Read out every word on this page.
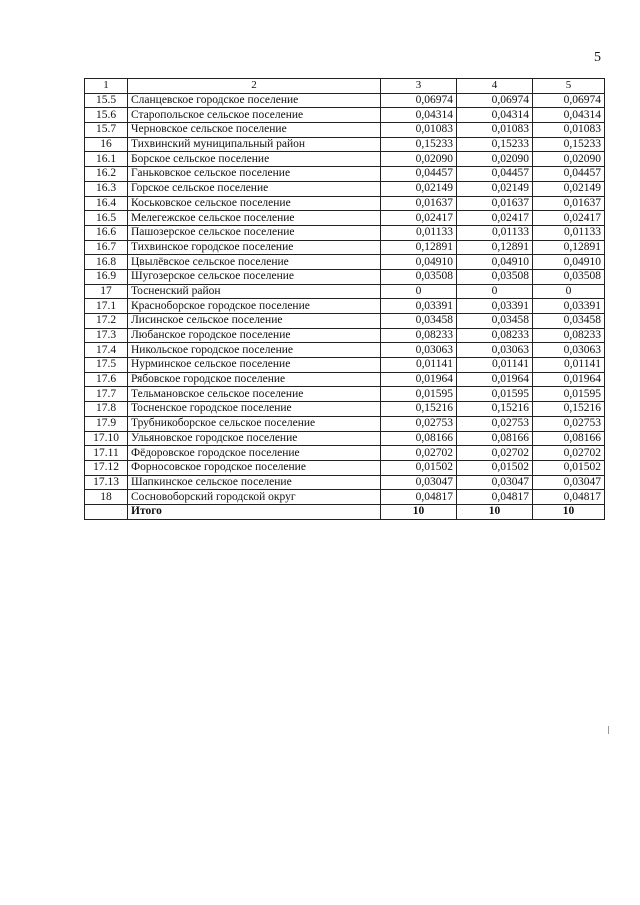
5
1	2	3	4	5
15.5	Сланцевское городское поселение	0,06974	0,06974	0,06974
15.6	Старопольское сельское поселение	0,04314	0,04314	0,04314
15.7	Черновское сельское поселение	0,01083	0,01083	0,01083
16	Тихвинский муниципальный район	0,15233	0,15233	0,15233
16.1	Борское сельское поселение	0,02090	0,02090	0,02090
16.2	Ганьковское сельское поселение	0,04457	0,04457	0,04457
16.3	Горское сельское поселение	0,02149	0,02149	0,02149
16.4	Коськовское сельское поселение	0,01637	0,01637	0,01637
16.5	Мелегежское сельское поселение	0,02417	0,02417	0,02417
16.6	Пашозерское сельское поселение	0,01133	0,01133	0,01133
16.7	Тихвинское городское поселение	0,12891	0,12891	0,12891
16.8	Цвылёвское сельское поселение	0,04910	0,04910	0,04910
16.9	Шугозерское сельское поселение	0,03508	0,03508	0,03508
17	Тосненский район	0	0	0
17.1	Красноборское городское поселение	0,03391	0,03391	0,03391
17.2	Лисинское сельское поселение	0,03458	0,03458	0,03458
17.3	Любанское городское поселение	0,08233	0,08233	0,08233
17.4	Никольское городское поселение	0,03063	0,03063	0,03063
17.5	Нурминское сельское поселение	0,01141	0,01141	0,01141
17.6	Рябовское городское поселение	0,01964	0,01964	0,01964
17.7	Тельмановское сельское поселение	0,01595	0,01595	0,01595
17.8	Тосненское городское поселение	0,15216	0,15216	0,15216
17.9	Трубникоборское сельское поселение	0,02753	0,02753	0,02753
17.10	Ульяновское городское поселение	0,08166	0,08166	0,08166
17.11	Фёдоровское городское поселение	0,02702	0,02702	0,02702
17.12	Форносовское городское поселение	0,01502	0,01502	0,01502
17.13	Шапкинское сельское поселение	0,03047	0,03047	0,03047
18	Сосновоборский городской округ	0,04817	0,04817	0,04817
	Итого	10	10	10
